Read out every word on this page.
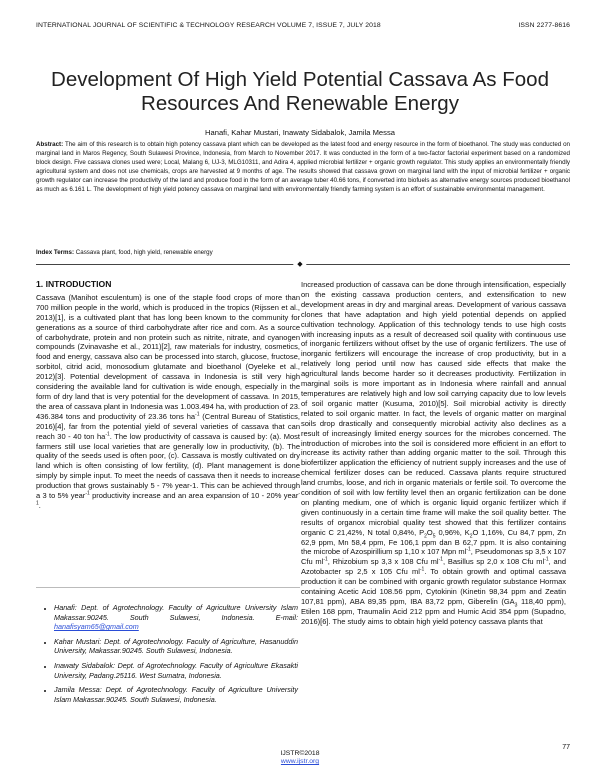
INTERNATIONAL JOURNAL OF SCIENTIFIC & TECHNOLOGY RESEARCH VOLUME 7, ISSUE 7, JULY 2018	ISSN 2277-8616
Development Of High Yield Potential Cassava As Food Resources And Renewable Energy
Hanafi, Kahar Mustari, Inawaty Sidabalok, Jamila Messa
Abstract: The aim of this research is to obtain high potency cassava plant which can be developed as the latest food and energy resource in the form of bioethanol. The study was conducted on marginal land in Maros Regency, South Sulawesi Province, Indonesia, from March to November 2017. It was conducted in the form of a two-factor factorial experiment based on a randomized block design. Five cassava clones used were; Local, Malang 6, UJ-3, MLG10311, and Adira 4, applied microbial fertilizer + organic growth regulator. This study applies an environmentally friendly agricultural system and does not use chemicals, crops are harvested at 9 months of age. The results showed that cassava grown on marginal land with the input of microbial fertilizer + organic growth regulator can increase the productivity of the land and produce food in the form of an average tuber 40.66 tons, if converted into biofuels as alternative energy sources produced bioethanol as much as 6.161 L. The development of high yield potency cassava on marginal land with environmentally friendly farming system is an effort of sustainable environmental management.
Index Terms: Cassava plant, food, high yield, renewable energy
◆
1. INTRODUCTION

Cassava (Manihot esculentum) is one of the staple food crops of more than 700 million people in the world, which is produced in the tropics (Rijssen et al., 2013)[1], is a cultivated plant that has long been known to the community for generations as a source of third carbohydrate after rice and corn. As a source of carbohydrate, protein and non protein such as nitrite, nitrate, and cyanogen compounds (Zvinavashe et al., 2011)[2], raw materials for industry, cosmetics, food and energy, cassava also can be processed into starch, glucose, fructose, sorbitol, citrid acid, monosodium glutamate and bioethanol (Oyeleke et al., 2012)[3]. Potential development of cassava in Indonesia is still very high considering the available land for cultivation is wide enough, especially in the form of dry land that is very potential for the development of cassava. In 2015, the area of cassava plant in Indonesia was 1.003.494 ha, with production of 23. 436.384 tons and productivity of 23.36 tons $ha^{-1}$ (Central Bureau of Statistics, 2016)[4], far from the potential yield of several varieties of cassava that can reach 30 - 40 ton $ha^{-1}$. The low productivity of cassava is caused by: (a). Most farmers still use local varieties that are generally low in productivity, (b). The quality of the seeds used is often poor, (c). Cassava is mostly cultivated on dry land which is often consisting of low fertility, (d). Plant management is done simply by simple input. To meet the needs of cassava then it needs to increase production that grows sustainably 5 - 7% year-1. This can be achieved through a 3 to 5% year$^{-1}$ productivity increase and an area expansion of 10 - 20% year$^{-1}$.

• Hanafi: Dept. of Agrotechnology. Faculty of Agriculture University Islam Makassar.90245. South Sulawesi, Indonesia. E-mail: hanafisyam65@gmail.com
• Kahar Mustari: Dept. of Agrotechnology. Faculty of Agriculture, Hasanuddin University, Makassar.90245. South Sulawesi, Indonesia.
• Inawaty Sidabalok: Dept. of Agrotechnology. Faculty of Agriculture Ekasakti University, Padang.25116. West Sumatra, Indonesia.
• Jamila Messa: Dept. of Agrotechnology. Faculty of Agriculture University Islam Makassar.90245. South Sulawesi, Indonesia.

Increased production of cassava can be done through intensification, especially on the existing cassava production centers, and extensification to new development areas in dry and marginal areas. Development of various cassava clones that have adaptation and high yield potential depends on applied cultivation technology. Application of this technology tends to use high costs with increasing inputs as a result of decreased soil quality with continuous use of inorganic fertilizers without offset by the use of organic fertilizers. The use of inorganic fertilizers will encourage the increase of crop productivity, but in a relatively long period until now has caused side effects that make the agricultural lands become harder so it decreases productivity. Fertilization in marginal soils is more important as in Indonesia where rainfall and annual temperatures are relatively high and low soil carrying capacity due to low levels of soil organic matter (Kusuma, 2010)[5]. Soil microbial activity is directly related to soil organic matter. In fact, the levels of organic matter on marginal soils drop drastically and consequently microbial activity also declines as a result of increasingly limited energy sources for the microbes concerned. The introduction of microbes into the soil is considered more efficient in an effort to increase its activity rather than adding organic matter to the soil. Through this biofertilizer application the efficiency of nutrient supply increases and the use of chemical fertilizer doses can be reduced. Cassava plants require structured land crumbs, loose, and rich in organic materials or fertile soil. To overcome the condition of soil with low fertility level then an organic fertilization can be done on planting medium, one of which is organic liquid organic fertilizer which if given continuously in a certain time frame will make the soil quality better. The results of organox microbial quality test showed that this fertilizer contains organic C 21,42%, N total 0,84%, $P_2O_5$ 0,96%, $K_2O$ 1,16%, Cu 84,7 ppm, Zn 62,9 ppm, Mn 58,4 ppm, Fe 106,1 ppm dan B 62,7 ppm. It is also containing the microbe of Azospirillium sp 1,10 x 107 Mpn $ml^{-1}$, Pseudomonas sp 3,5 x 107 Cfu $ml^{-1}$, Rhizobium sp 3,3 x 108 Cfu $ml^{-1}$, Basillus sp 2,0 x 108 Cfu $ml^{-1}$, and Azotobacter sp 2,5 x 105 Cfu $ml^{-1}$. To obtain growth and optimal cassava production it can be combined with organic growth regulator substance Hormax containing Acetic Acid 108.56 ppm, Cytokinin (Kinetin 98,34 ppm and Zeatin 107,81 ppm), ABA 89,35 ppm, IBA 83,72 ppm, Giberelin ($GA_3$ 118,40 ppm), Etilen 168 ppm, Traumalin Acid 212 ppm and Humic Acid 354 ppm (Supadno, 2016)[6]. The study aims to obtain high yield potency cassava plants that

77
IJSTR©2018
www.ijstr.org
